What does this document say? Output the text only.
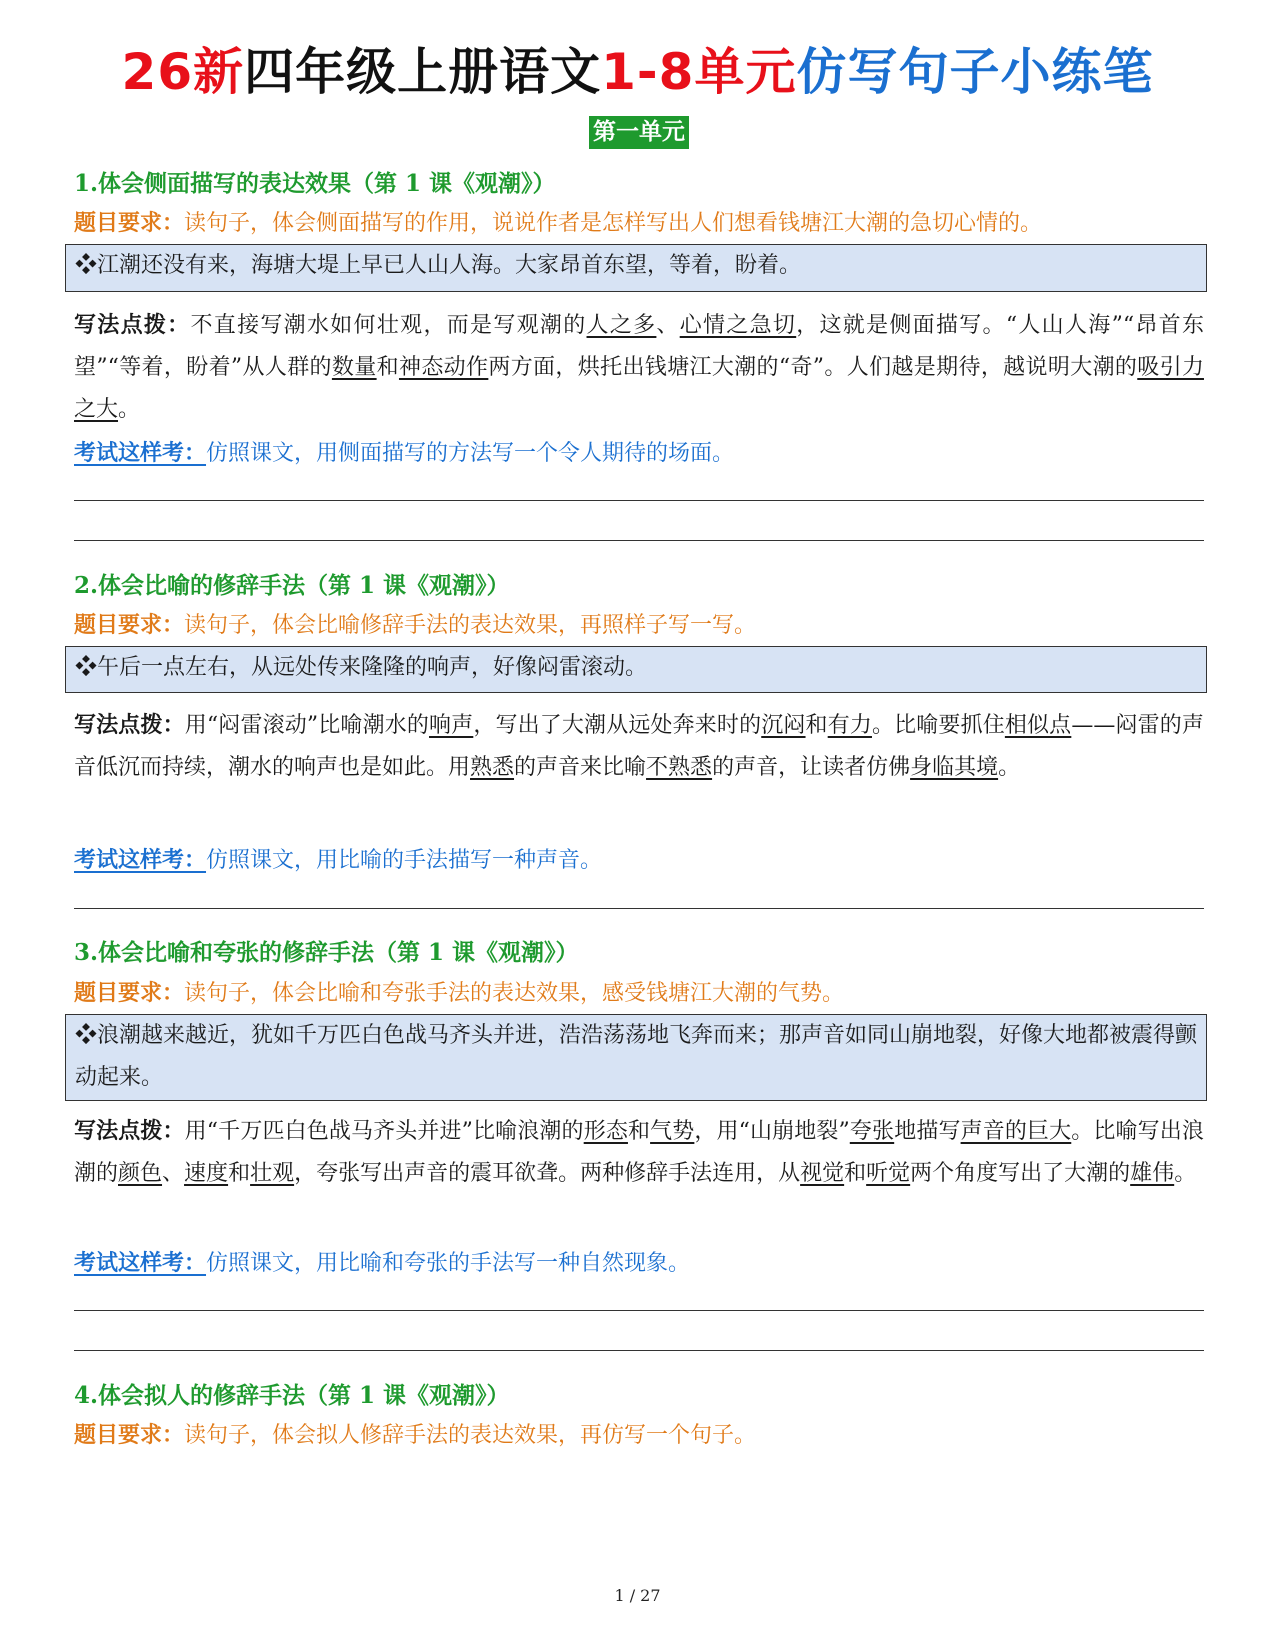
26新四年级上册语文1-8单元仿写句子小练笔
第一单元
1.体会侧面描写的表达效果（第 1 课《观潮》）
题目要求：读句子，体会侧面描写的作用，说说作者是怎样写出人们想看钱塘江大潮的急切心情的。
❖江潮还没有来，海塘大堤上早已人山人海。大家昂首东望，等着，盼着。
写法点拨：不直接写潮水如何壮观，而是写观潮的人之多、心情之急切，这就是侧面描写。“人山人海”“昂首东望”“等着，盼着”从人群的数量和神态动作两方面，烘托出钱塘江大潮的“奇”。人们越是期待，越说明大潮的吸引力之大。
考试这样考：仿照课文，用侧面描写的方法写一个令人期待的场面。
2.体会比喻的修辞手法（第 1 课《观潮》）
题目要求：读句子，体会比喻修辞手法的表达效果，再照样子写一写。
❖午后一点左右，从远处传来隆隆的响声，好像闷雷滚动。
写法点拨：用“闷雷滚动”比喻潮水的响声，写出了大潮从远处奔来时的沉闷和有力。比喻要抓住相似点——闷雷的声音低沉而持续，潮水的响声也是如此。用熟悉的声音来比喻不熟悉的声音，让读者仿佛身临其境。
考试这样考：仿照课文，用比喻的手法描写一种声音。
3.体会比喻和夸张的修辞手法（第 1 课《观潮》）
题目要求：读句子，体会比喻和夸张手法的表达效果，感受钱塘江大潮的气势。
❖浪潮越来越近，犹如千万匹白色战马齐头并进，浩浩荡荡地飞奔而来；那声音如同山崩地裂，好像大地都被震得颤动起来。
写法点拨：用“千万匹白色战马齐头并进”比喻浪潮的形态和气势，用“山崩地裂”夸张地描写声音的巨大。比喻写出浪潮的颜色、速度和壮观，夸张写出声音的震耳欲聋。两种修辞手法连用，从视觉和听觉两个角度写出了大潮的雄伟。
考试这样考：仿照课文，用比喻和夸张的手法写一种自然现象。
4.体会拟人的修辞手法（第 1 课《观潮》）
题目要求：读句子，体会拟人修辞手法的表达效果，再仿写一个句子。
1 / 27
